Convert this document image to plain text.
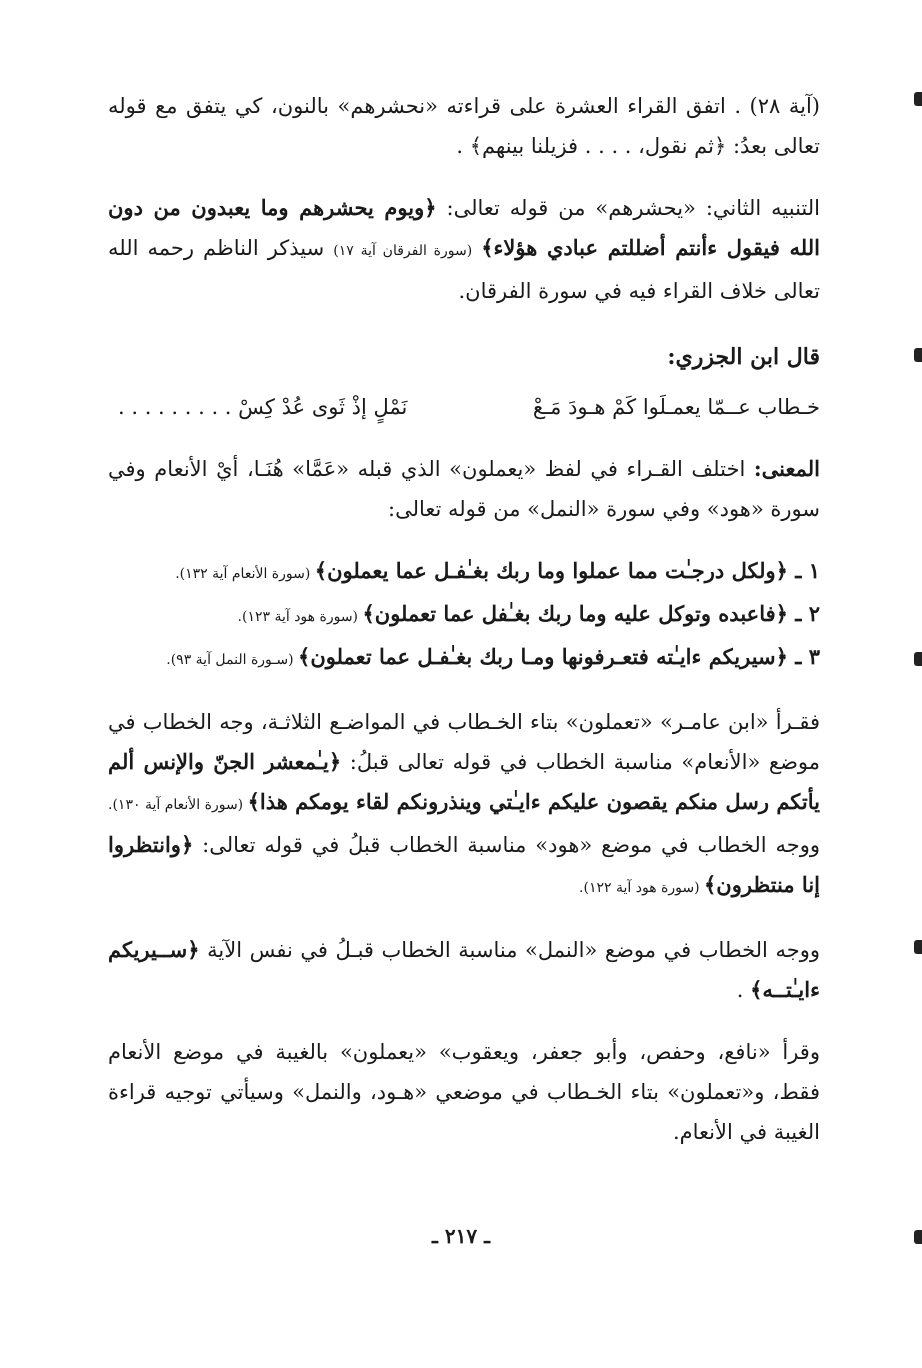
(آية ٢٨) . اتفق القراء العشرة على قراءته «نحشرهم» بالنون، كي يتفق مع قوله تعالى بعدُ: ﴿ثم نقول، . . . . فزيلنا بينهم﴾ .

التنبيه الثاني: «يحشرهم» من قوله تعالى: ﴿ويوم يحشرهم وما يعبدون من دون الله فيقول ءأنتم أضللتم عبادي هؤلاء﴾ (سورة الفرقان آية ١٧) سيذكر الناظم رحمه الله تعالى خلاف القراء فيه في سورة الفرقان.

قال ابن الجزري:

خـطاب عــمّا يعمـلَوا كَمْ هـودَ مَـعْ
نَمْلٍ إذْ ثَوى عُدْ كِسْ . . . . . . . . .

المعنى: اختلف القـراء في لفظ «يعملون» الذي قبله «عَمَّا» هُنَـا، أيْ الأنعام وفي سورة «هود» وفي سورة «النمل» من قوله تعالى:

١ ـ ﴿ولكل درجـٰت مما عملوا وما ربك بغـٰفـل عما يعملون﴾ (سورة الأنعام آية ١٣٢).

٢ ـ ﴿فاعبده وتوكل عليه وما ربك بغـٰفل عما تعملون﴾ (سورة هود آية ١٢٣).

٣ ـ ﴿سيريكم ءايـٰته فتعـرفونها ومـا ربك بغـٰفـل عما تعملون﴾ (سـورة النمل آية ٩٣).

فقـرأ «ابن عامـر» «تعملون» بتاء الخـطاب في المواضـع الثلاثـة، وجه الخطاب في موضع «الأنعام» مناسبة الخطاب في قوله تعالى قبلُ: ﴿يـٰمعشر الجنّ والإنس ألم يأتكم رسل منكم يقصون عليكم ءايـٰتي وينذرونكم لقاء يومكم هذا﴾ (سورة الأنعام آية ١٣٠). ووجه الخطاب في موضع «هود» مناسبة الخطاب قبلُ في قوله تعالى: ﴿وانتظروا إنا منتظرون﴾ (سورة هود آية ١٢٢).

ووجه الخطاب في موضع «النمل» مناسبة الخطاب قبـلُ في نفس الآية ﴿ســيريكم ءايـٰتــه﴾ .

وقرأ «نافع، وحفص، وأبو جعفر، ويعقوب» «يعملون» بالغيبة في موضع الأنعام فقط، و«تعملون» بتاء الخـطاب في موضعي «هـود، والنمل» وسيأتي توجيه قراءة الغيبة في الأنعام.

ـ ٢١٧ ـ
